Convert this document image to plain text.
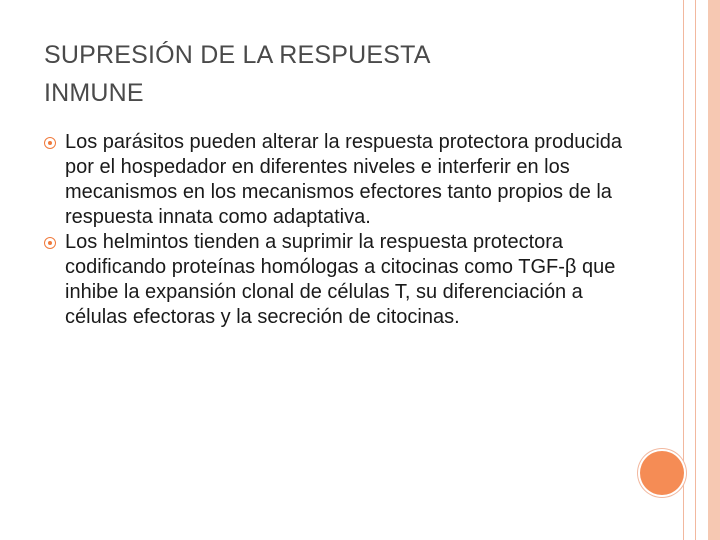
SUPRESIÓN DE LA RESPUESTA
INMUNE
Los parásitos pueden alterar la respuesta protectora producida por el hospedador en diferentes niveles e interferir en los mecanismos en los mecanismos efectores tanto propios de la respuesta innata como adaptativa.
Los helmintos tienden a suprimir la respuesta protectora codificando proteínas homólogas a citocinas como TGF-β que inhibe la expansión clonal de células T, su diferenciación a células efectoras y la secreción de citocinas.
